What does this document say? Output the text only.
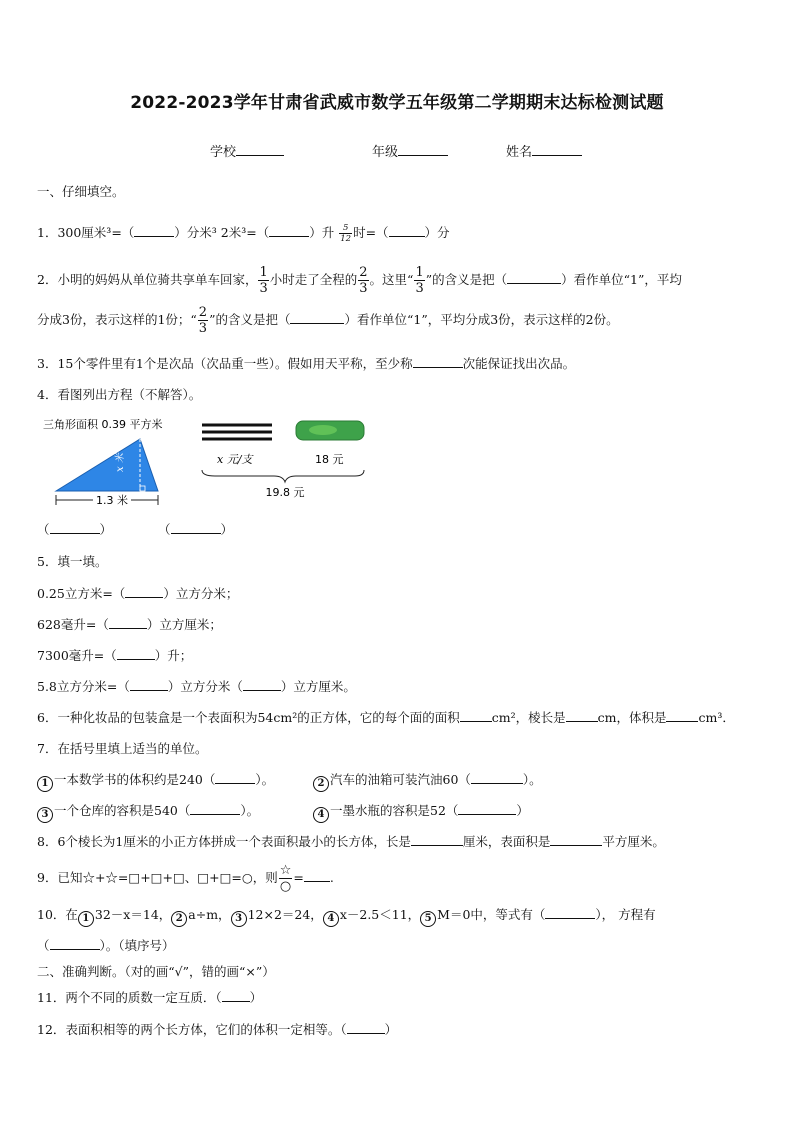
2022-2023学年甘肃省武威市数学五年级第二学期期末达标检测试题
学校	年级	姓名
一、仔细填空。
1．300厘米³=（	）分米³ 2米³=（	）升 $\frac{5}{12}$ 时=（	）分
2．小明的妈妈从单位骑共享单车回家， $\frac{1}{3}$ 小时走了全程的 $\frac{2}{3}$ 。这里“ $\frac{1}{3}$ ”的含义是把（	）看作单位“1”，平均
分成3份，表示这样的1份；“ $\frac{2}{3}$ ”的含义是把（	）看作单位“1”，平均分成3份，表示这样的2份。
3．15个零件里有1个是次品（次品重一些）。假如用天平称，至少称	次能保证找出次品。
4．看图列出方程（不解答）。
三角形面积 0.39 平方米
x 米
1.3 米
x 元/支	18 元
19.8 元
（	）	（	）
5．填一填。
0.25立方米=（	）立方分米；
628毫升=（	）立方厘米；
7300毫升=（	）升；
5.8立方分米=（	）立方分米（	）立方厘米。
6．一种化妆品的包装盒是一个表面积为54cm²的正方体，它的每个面的面积	cm²，棱长是	cm，体积是	cm³．
7．在括号里填上适当的单位。
1 一本数学书的体积约是240（	）。	2 汽车的油箱可装汽油60（	）。
3 一个仓库的容积是540（	）。	4 一墨水瓶的容积是52（	）
8．6个棱长为1厘米的小正方体拼成一个表面积最小的长方体，长是	厘米，表面积是	平方厘米。
9．已知☆+☆=□+□+□、□+□=○，则 $\frac{☆}{○}$ = .
10．在 1 32－x＝14， 2 a÷m， 3 12×2＝24， 4 x－2.5＜11， 5 M＝0中，等式有（	）， 方程有
（	）。（填序号）
二、准确判断。（对的画“√”，错的画“×”）
11．两个不同的质数一定互质．（ ）
12．表面积相等的两个长方体，它们的体积一定相等。（	）
